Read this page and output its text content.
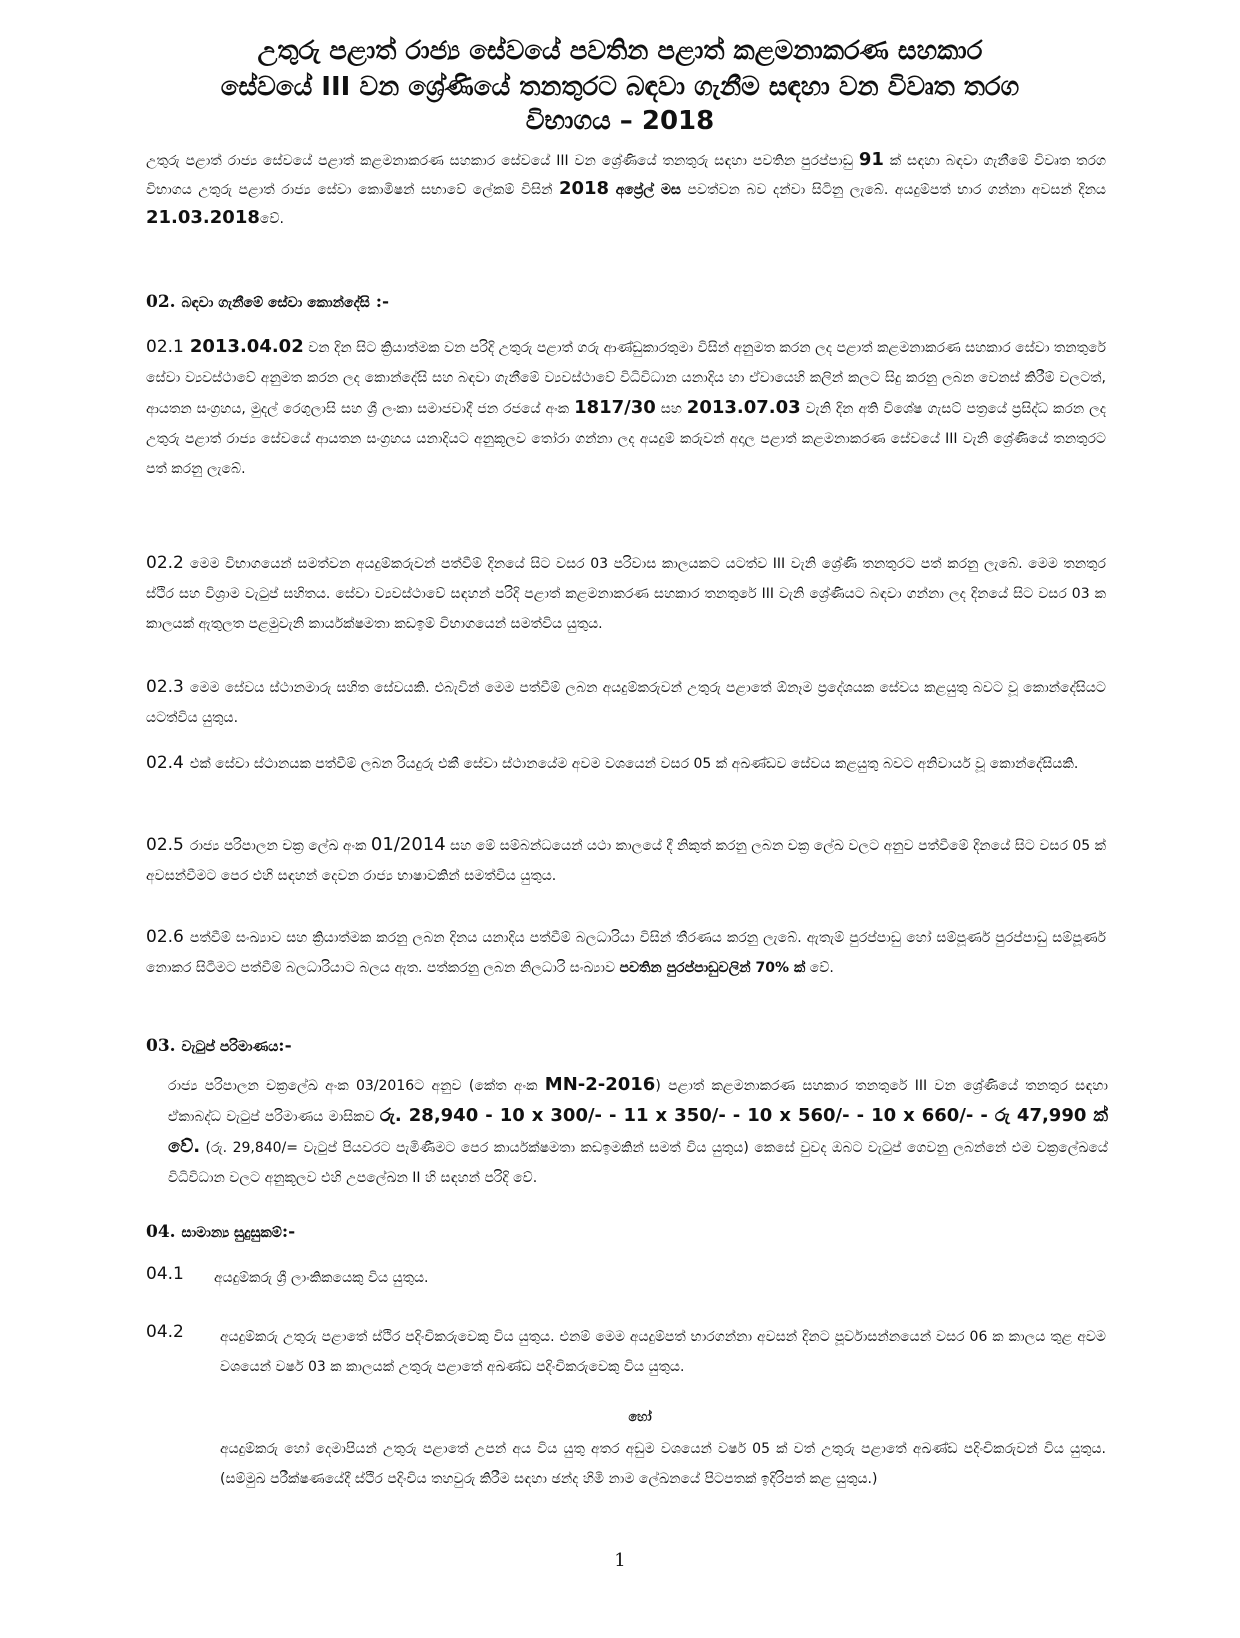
උතුරු පළාත් රාජ්‍ය සේවයේ පවතින පළාත් කළමනාකරණ සහකාර
සේවයේ III වන ශ්‍රේණියේ තනතුරට බඳවා ගැනීම සඳහා වන විවෘත තරග
විභාගය – 2018
උතුරු පළාත් රාජ්‍ය සේවයේ පළාත් කළමනාකරණ සහකාර සේවයේ III වන ශ්‍රේණියේ තනතුරු සඳහා පවතින පුරප්පාඩු 91 ක් සඳහා බඳවා ගැනීමේ විවෘත තරග විභාගය උතුරු පළාත් රාජ්‍ය සේවා කොමිෂන් සභාවේ ලේකම් විසින් 2018 අප්‍රේල් මස පවත්වන බව දන්වා සිටිනු ලැබේ. අයදුම්පත් භාර ගන්නා අවසන් දිනය 21.03.2018වේ.
02. බඳවා ගැනීමේ සේවා කොන්දේසි :-
02.1 2013.04.02 වන දින සිට ක්‍රියාත්මක වන පරිදි උතුරු පළාත් ගරු ආණ්ඩුකාරතුමා විසින් අනුමත කරන ලද පළාත් කළමනාකරණ සහකාර සේවා තනතුරේ සේවා ව්‍යවස්ථාවේ අනුමත කරන ලද කොන්දේසි සහ බඳවා ගැනීමේ ව්‍යවස්ථාවේ විධිවිධාන යනාදිය හා ඒවායෙහි කලින් කලට සිදු කරනු ලබන වෙනස් කිරීම් වලටත්, ආයතන සංග්‍රහය, මුදල් රෙගුලාසි සහ ශ්‍රී ලංකා සමාජවාදී ජන රජයේ අංක 1817/30 සහ 2013.07.03 වැනි දින අති විශේෂ ගැසට් පත්‍රයේ ප්‍රසිද්ධ කරන ලද උතුරු පළාත් රාජ්‍ය සේවයේ ආයතන සංග්‍රහය යනාදියට අනුකූලව තෝරා ගන්නා ලද අයදුම් කරුවන් අදාල පළාත් කළමනාකරණ සේවයේ III වැනි ශ්‍රේණියේ තනතුරට පත් කරනු ලැබේ.
02.2 මෙම විභාගයෙන් සමත්වන අයදුම්කරුවන් පත්වීම් දිනයේ සිට වසර 03 පරිවාස කාලයකට යටත්ව III වැනි ශ්‍රේණි තනතුරට පත් කරනු ලැබේ. මෙම තනතුර ස්ථිර සහ විශ්‍රාම වැටුප් සහිතය. සේවා ව්‍යවස්ථාවේ සඳහන් පරිදි පළාත් කළමනාකරණ සහකාර තනතුරේ III වැනි ශ්‍රේණියට බඳවා ගන්නා ලද දිනයේ සිට වසර 03 ක කාලයක් ඇතුලත පළමුවැනි කාර්යක්ෂමතා කඩඉම් විභාගයෙන් සමත්විය යුතුය.
02.3 මෙම සේවය ස්ථානමාරු සහිත සේවයකි. එබැවින් මෙම පත්වීම් ලබන අයදුම්කරුවන් උතුරු පළාතේ ඕනෑම ප්‍රදේශයක සේවය කළයුතු බවට වූ කොන්දේසියට යටත්විය යුතුය.
02.4 එක් සේවා ස්ථානයක පත්වීම් ලබන රියදුරු එකී සේවා ස්ථානයේම අවම වශයෙන් වසර 05 ක් අඛණ්ඩව සේවය කළයුතු බවට අනිවාර්ය වූ කොන්දේසියකි.
02.5 රාජ්‍ය පරිපාලන චක්‍ර ලේඛ අංක 01/2014 සහ මේ සම්බන්ධයෙන් යථා කාලයේ දී නිකුත් කරනු ලබන චක්‍ර ලේඛ වලට අනුව පත්වීමේ දිනයේ සිට වසර 05 ක් අවසන්වීමට පෙර එහි සඳහන් දෙවන රාජ්‍ය භාෂාවකින් සමත්විය යුතුය.
02.6 පත්වීම් සංඛ්‍යාව සහ ක්‍රියාත්මක කරනු ලබන දිනය යනාදිය පත්වීම් බලධාරියා විසින් තීරණය කරනු ලැබේ. ඇතැම් පුරප්පාඩු හෝ සම්පූර්ණ පුරප්පාඩු සම්පූර්ණ නොකර සිටීමට පත්වීම් බලධාරියාට බලය ඇත. පත්කරනු ලබන නිලධාරි සංඛ්‍යාව පවතින පුරප්පාඩුවලින් 70% ක් වේ.
03. වැටුප් පරිමාණය:-
රාජ්‍ය පරිපාලන චක්‍රලේඛ අංක 03/2016ට අනුව (කේත අංක MN-2-2016) පළාත් කළමනාකරණ සහකාර තනතුරේ III වන ශ්‍රේණියේ තනතුර සඳහා ඒකාබද්ධ වැටුප් පරිමාණය මාසිකව රු. 28,940 - 10 x 300/- - 11 x 350/- - 10 x 560/- - 10 x 660/- - රු 47,990 ක් වේ. (රු. 29,840/= වැටුප් පියවරට පැමිණීමට පෙර කාර්යක්ෂමතා කඩඉමකින් සමත් විය යුතුය) කෙසේ වුවද ඔබට වැටුප් ගෙවනු ලබන්නේ එම චක්‍රලේඛයේ විධිවිධාන වලට අනුකූලව එහි උපලේඛන II හි සඳහන් පරිදි වේ.
04. සාමාන්‍ය සුදුසුකම්:-
04.1 අයදුම්කරු ශ්‍රී ලාංකිකයෙකු විය යුතුය.
04.2	අයදුම්කරු උතුරු පළාතේ ස්ථිර පදිංචිකරුවෙකු විය යුතුය. එනම් මෙම අයදුම්පත් භාරගන්නා අවසන් දිනට පූර්වාසන්නයෙන් වසර 06 ක කාලය තුළ අවම වශයෙන් වර්ෂ 03 ක කාලයක් උතුරු පළාතේ අඛණ්ඩ පදිංචිකරුවෙකු විය යුතුය.
හෝ
අයදුම්කරු හෝ දෙමාපියන් උතුරු පළාතේ උපන් අය විය යුතු අතර අඩුම වශයෙන් වර්ෂ 05 ක් වත් උතුරු පළාතේ අඛණ්ඩ පදිංචිකරුවන් විය යුතුය. (සම්මුඛ පරීක්ෂණයේදී ස්ථිර පදිංචිය තහවුරු කිරීම සඳහා ඡන්ද හිමි නාම ලේඛනයේ පිටපතක් ඉදිරිපත් කළ යුතුය.)
1
